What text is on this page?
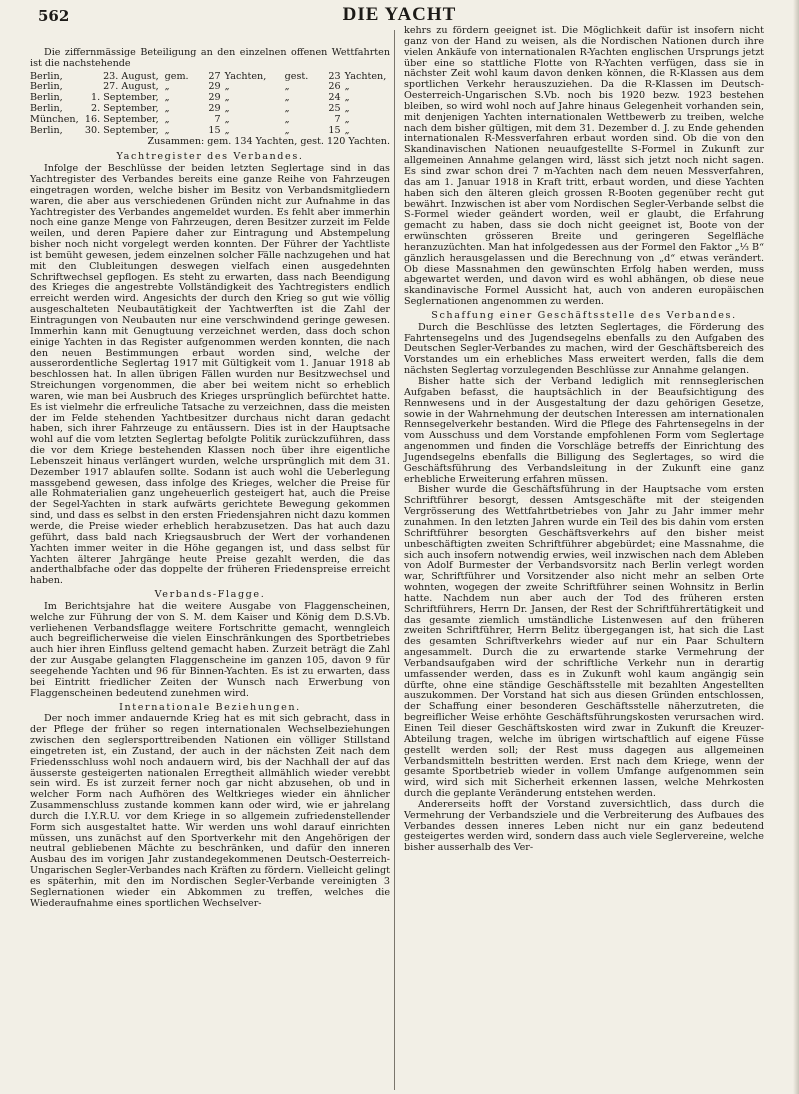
562	DIE YACHT

Die ziffernmässige Beteiligung an den einzelnen offenen Wettfahrten ist die nachstehende

Berlin,	23. August,	gem.	27	Yachten,	gest.	23	Yachten,
Berlin,	27. August,	„	29	„	„	26	„
Berlin,	1. September,	„	29	„	„	24	„
Berlin,	2. September,	„	29	„	„	25	„
München,	16. September,	„	7	„	„	7	„
Berlin,	30. September,	„	15	„	„	15	„
Zusammen: gem. 134 Yachten, gest. 120 Yachten.
Yachtregister des Verbandes.

Infolge der Beschlüsse der beiden letzten Seglertage sind in das Yachtregister des Verbandes bereits eine ganze Reihe von Fahrzeugen eingetragen worden, welche bisher im Besitz von Verbandsmitgliedern waren, die aber aus verschiedenen Gründen nicht zur Aufnahme in das Yachtregister des Verbandes angemeldet wurden. Es fehlt aber immerhin noch eine ganze Menge von Fahrzeugen, deren Besitzer zurzeit im Felde weilen, und deren Papiere daher zur Eintragung und Abstempelung bisher noch nicht vorgelegt werden konnten. Der Führer der Yachtliste ist bemüht gewesen, jedem einzelnen solcher Fälle nachzugehen und hat mit den Clubleitungen deswegen vielfach einen ausgedehnten Schriftwechsel gepflogen. Es steht zu erwarten, dass nach Beendigung des Krieges die angestrebte Vollständigkeit des Yachtregisters endlich erreicht werden wird. Angesichts der durch den Krieg so gut wie völlig ausgeschalteten Neubautätigkeit der Yachtwerften ist die Zahl der Eintragungen von Neubauten nur eine verschwindend geringe gewesen. Immerhin kann mit Genugtuung verzeichnet werden, dass doch schon einige Yachten in das Register aufgenommen werden konnten, die nach den neuen Bestimmungen erbaut worden sind, welche der ausserordentliche Seglertag 1917 mit Gültigkeit vom 1. Januar 1918 ab beschlossen hat. In allen übrigen Fällen wurden nur Besitzwechsel und Streichungen vorgenommen, die aber bei weitem nicht so erheblich waren, wie man bei Ausbruch des Krieges ursprünglich befürchtet hatte. Es ist vielmehr die erfreuliche Tatsache zu verzeichnen, dass die meisten der im Felde stehenden Yachtbesitzer durchaus nicht daran gedacht haben, sich ihrer Fahrzeuge zu entäussern. Dies ist in der Hauptsache wohl auf die vom letzten Seglertag befolgte Politik zurückzuführen, dass die vor dem Kriege bestehenden Klassen noch über ihre eigentliche Lebenszeit hinaus verlängert wurden, welche ursprünglich mit dem 31. Dezember 1917 ablaufen sollte. Sodann ist auch wohl die Ueberlegung massgebend gewesen, dass infolge des Krieges, welcher die Preise für alle Rohmaterialien ganz ungeheuerlich gesteigert hat, auch die Preise der Segel-Yachten in stark aufwärts gerichtete Bewegung gekommen sind, und dass es selbst in den ersten Friedensjahren nicht dazu kommen werde, die Preise wieder erheblich herabzusetzen. Das hat auch dazu geführt, dass bald nach Kriegsausbruch der Wert der vorhandenen Yachten immer weiter in die Höhe gegangen ist, und dass selbst für Yachten älterer Jahrgänge heute Preise gezahlt werden, die das anderthalbfache oder das doppelte der früheren Friedenspreise erreicht haben.

Verbands-Flagge.

Im Berichtsjahre hat die weitere Ausgabe von Flaggenscheinen, welche zur Führung der von S. M. dem Kaiser und König dem D.S.Vb. verliehenen Verbandsflagge weitere Fortschritte gemacht, wenngleich auch begreiflicherweise die vielen Einschränkungen des Sportbetriebes auch hier ihren Einfluss geltend gemacht haben. Zurzeit beträgt die Zahl der zur Ausgabe gelangten Flaggenscheine im ganzen 105, davon 9 für seegehende Yachten und 96 für Binnen-Yachten. Es ist zu erwarten, dass bei Eintritt friedlicher Zeiten der Wunsch nach Erwerbung von Flaggenscheinen bedeutend zunehmen wird.

Internationale Beziehungen.

Der noch immer andauernde Krieg hat es mit sich gebracht, dass in der Pflege der früher so regen internationalen Wechselbeziehungen zwischen den seglersporttreibenden Nationen ein völliger Stillstand eingetreten ist, ein Zustand, der auch in der nächsten Zeit nach dem Friedensschluss wohl noch andauern wird, bis der Nachhall der auf das äusserste gesteigerten nationalen Erregtheit allmählich wieder verebbt sein wird. Es ist zurzeit ferner noch gar nicht abzusehen, ob und in welcher Form nach Aufhören des Weltkrieges wieder ein ähnlicher Zusammenschluss zustande kommen kann oder wird, wie er jahrelang durch die I.Y.R.U. vor dem Kriege in so allgemein zufriedenstellender Form sich ausgestaltet hatte. Wir werden uns wohl darauf einrichten müssen, uns zunächst auf den Sportverkehr mit den Angehörigen der neutral gebliebenen Mächte zu beschränken, und dafür den inneren Ausbau des im vorigen Jahr zustandegekommenen Deutsch-Oesterreich-Ungarischen Segler-Verbandes nach Kräften zu fördern. Vielleicht gelingt es späterhin, mit den im Nordischen Segler-Verbande vereinigten 3 Seglernationen wieder ein Abkommen zu treffen, welches die Wiederaufnahme eines sportlichen Wechselver-

kehrs zu fördern geeignet ist. Die Möglichkeit dafür ist insofern nicht ganz von der Hand zu weisen, als die Nordischen Nationen durch ihre vielen Ankäufe von internationalen R-Yachten englischen Ursprungs jetzt über eine so stattliche Flotte von R-Yachten verfügen, dass sie in nächster Zeit wohl kaum davon denken können, die R-Klassen aus dem sportlichen Verkehr herauszuziehen. Da die R-Klassen im Deutsch-Oesterreich-Ungarischen S.Vb. noch bis 1920 bezw. 1923 bestehen bleiben, so wird wohl noch auf Jahre hinaus Gelegenheit vorhanden sein, mit denjenigen Yachten internationalen Wettbewerb zu treiben, welche nach dem bisher gültigen, mit dem 31. Dezember d. J. zu Ende gehenden internationalen R-Messverfahren erbaut worden sind. Ob die von den Skandinavischen Nationen neuaufgestellte S-Formel in Zukunft zur allgemeinen Annahme gelangen wird, lässt sich jetzt noch nicht sagen. Es sind zwar schon drei 7 m-Yachten nach dem neuen Messverfahren, das am 1. Januar 1918 in Kraft tritt, erbaut worden, und diese Yachten haben sich den älteren gleich grossen R-Booten gegenüber recht gut bewährt. Inzwischen ist aber vom Nordischen Segler-Verbande selbst die S-Formel wieder geändert worden, weil er glaubt, die Erfahrung gemacht zu haben, dass sie doch nicht geeignet ist, Boote von der erwünschten grösseren Breite und geringeren Segelfläche heranzuzüchten. Man hat infolgedessen aus der Formel den Faktor „⅓ B“ gänzlich herausgelassen und die Berechnung von „d“ etwas verändert. Ob diese Massnahmen den gewünschten Erfolg haben werden, muss abgewartet werden, und davon wird es wohl abhängen, ob diese neue skandinavische Formel Aussicht hat, auch von anderen europäischen Seglernationen angenommen zu werden.

Schaffung einer Geschäftsstelle des Verbandes.

Durch die Beschlüsse des letzten Seglertages, die Förderung des Fahrtensegelns und des Jugendsegelns ebenfalls zu den Aufgaben des Deutschen Segler-Verbandes zu machen, wird der Geschäftsbereich des Vorstandes um ein erhebliches Mass erweitert werden, falls die dem nächsten Seglertag vorzulegenden Beschlüsse zur Annahme gelangen.

Bisher hatte sich der Verband lediglich mit rennseglerischen Aufgaben befasst, die hauptsächlich in der Beaufsichtigung des Rennwesens und in der Ausgestaltung der dazu gehörigen Gesetze, sowie in der Wahrnehmung der deutschen Interessen am internationalen Rennsegelverkehr bestanden. Wird die Pflege des Fahrtensegelns in der vom Ausschuss und dem Vorstande empfohlenen Form vom Seglertage angenommen und finden die Vorschläge betreffs der Einrichtung des Jugendsegelns ebenfalls die Billigung des Seglertages, so wird die Geschäftsführung des Verbandsleitung in der Zukunft eine ganz erhebliche Erweiterung erfahren müssen.

Bisher wurde die Geschäftsführung in der Hauptsache vom ersten Schriftführer besorgt, dessen Amtsgeschäfte mit der steigenden Vergrösserung des Wettfahrtbetriebes von Jahr zu Jahr immer mehr zunahmen. In den letzten Jahren wurde ein Teil des bis dahin vom ersten Schriftführer besorgten Geschäftsverkehrs auf den bisher meist unbeschäftigten zweiten Schriftführer abgebürdet; eine Massnahme, die sich auch insofern notwendig erwies, weil inzwischen nach dem Ableben von Adolf Burmester der Verbandsvorsitz nach Berlin verlegt worden war, Schriftführer und Vorsitzender also nicht mehr an selben Orte wohnten, wogegen der zweite Schriftführer seinen Wohnsitz in Berlin hatte. Nachdem nun aber auch der Tod des früheren ersten Schriftführers, Herrn Dr. Jansen, der Rest der Schriftführertätigkeit und das gesamte ziemlich umständliche Listenwesen auf den früheren zweiten Schriftführer, Herrn Belitz übergegangen ist, hat sich die Last des gesamten Schriftverkehrs wieder auf nur ein Paar Schultern angesammelt. Durch die zu erwartende starke Vermehrung der Verbandsaufgaben wird der schriftliche Verkehr nun in derartig umfassender werden, dass es in Zukunft wohl kaum angängig sein dürfte, ohne eine ständige Geschäftsstelle mit bezahlten Angestellten auszukommen. Der Vorstand hat sich aus diesen Gründen entschlossen, der Schaffung einer besonderen Geschäftsstelle näherzutreten, die begreiflicher Weise erhöhte Geschäftsführungskosten verursachen wird. Einen Teil dieser Geschäftskosten wird zwar in Zukunft die Kreuzer-Abteilung tragen, welche im übrigen wirtschaftlich auf eigene Füsse gestellt werden soll; der Rest muss dagegen aus allgemeinen Verbandsmitteln bestritten werden. Erst nach dem Kriege, wenn der gesamte Sportbetrieb wieder in vollem Umfange aufgenommen sein wird, wird sich mit Sicherheit erkennen lassen, welche Mehrkosten durch die geplante Veränderung entstehen werden.

Andererseits hofft der Vorstand zuversichtlich, dass durch die Vermehrung der Verbandsziele und die Verbreiterung des Aufbaues des Verbandes dessen inneres Leben nicht nur ein ganz bedeutend gesteigertes werden wird, sondern dass auch viele Seglervereine, welche bisher ausserhalb des Ver-
